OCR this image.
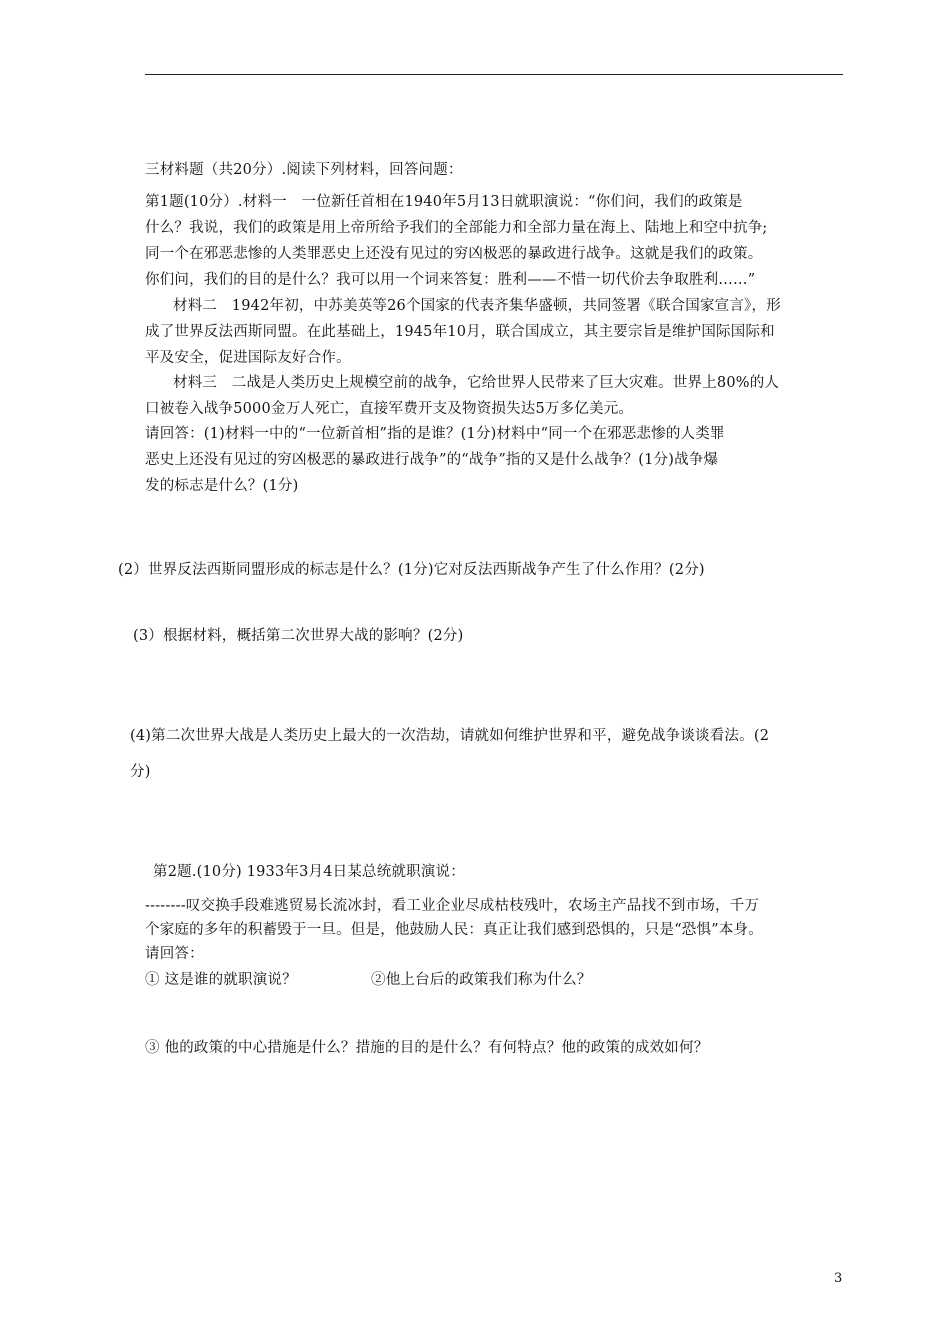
三材料题（共20分）.阅读下列材料，回答问题：
第1题(10分）.材料一　一位新任首相在1940年5月13日就职演说：“你们问，我们的政策是
什么？我说，我们的政策是用上帝所给予我们的全部能力和全部力量在海上、陆地上和空中抗争;
同一个在邪恶悲惨的人类罪恶史上还没有见过的穷凶极恶的暴政进行战争。这就是我们的政策。
你们问，我们的目的是什么？我可以用一个词来答复：胜利——不惜一切代价去争取胜利……”
材料二　1942年初，中苏美英等26个国家的代表齐集华盛顿，共同签署《联合国家宣言》，形
成了世界反法西斯同盟。在此基础上，1945年10月，联合国成立，其主要宗旨是维护国际国际和
平及安全，促进国际友好合作。
材料三　二战是人类历史上规模空前的战争，它给世界人民带来了巨大灾难。世界上80%的人
口被卷入战争5000金万人死亡，直接军费开支及物资损失达5万多亿美元。
请回答：(1)材料一中的“一位新首相”指的是谁？(1分)材料中“同一个在邪恶悲惨的人类罪
恶史上还没有见过的穷凶极恶的暴政进行战争”的“战争”指的又是什么战争？(1分)战争爆
发的标志是什么？(1分)
(2）世界反法西斯同盟形成的标志是什么？(1分)它对反法西斯战争产生了什么作用？(2分)
(3）根据材料，概括第二次世界大战的影响？(2分)
(4)第二次世界大战是人类历史上最大的一次浩劫，请就如何维护世界和平，避免战争谈谈看法。(2
分)
第2题.(10分) 1933年3月4日某总统就职演说：
--------叹交换手段难逃贸易长流冰封，看工业企业尽成枯枝残叶，农场主产品找不到市场，千万
个家庭的多年的积蓄毁于一旦。但是，他鼓励人民：真正让我们感到恐惧的，只是“恐惧”本身。
请回答：
① 这是谁的就职演说？	②他上台后的政策我们称为什么？
③ 他的政策的中心措施是什么？措施的目的是什么？有何特点？他的政策的成效如何？
3
